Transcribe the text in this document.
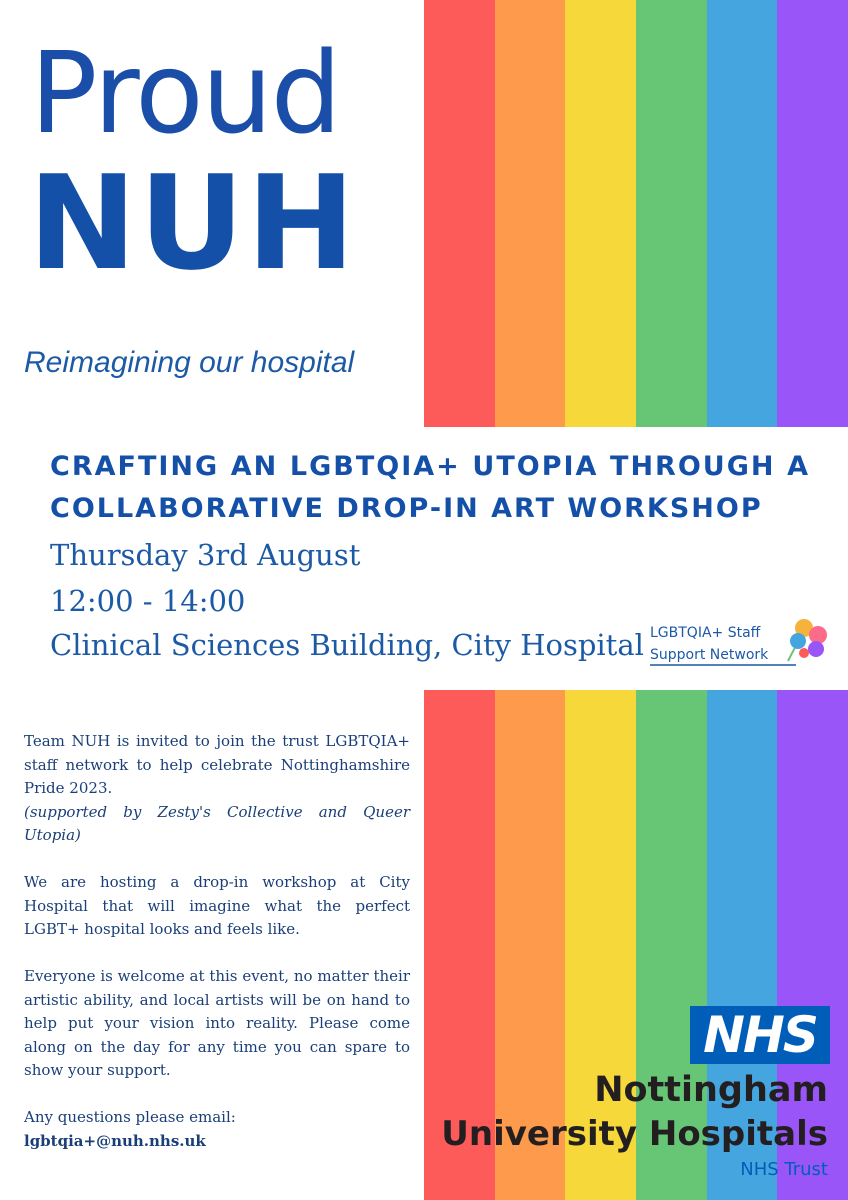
Proud
NUH
Reimagining our hospital
CRAFTING AN LGBTQIA+ UTOPIA THROUGH A COLLABORATIVE DROP-IN ART WORKSHOP
Thursday 3rd August
12:00 - 14:00
Clinical Sciences Building, City Hospital LGBTQIA+ Staff
Support Network

Team NUH is invited to join the trust LGBTQIA+ staff network to help celebrate Nottinghamshire Pride 2023.

(supported by Zesty's Collective and Queer Utopia)

We are hosting a drop-in workshop at City Hospital that will imagine what the perfect LGBT+ hospital looks and feels like.

Everyone is welcome at this event, no matter their artistic ability, and local artists will be on hand to help put your vision into reality. Please come along on the day for any time you can spare to show your support.

Any questions please email:

lgbtqia+@nuh.nhs.uk

NHS
Nottingham
University Hospitals
NHS Trust
